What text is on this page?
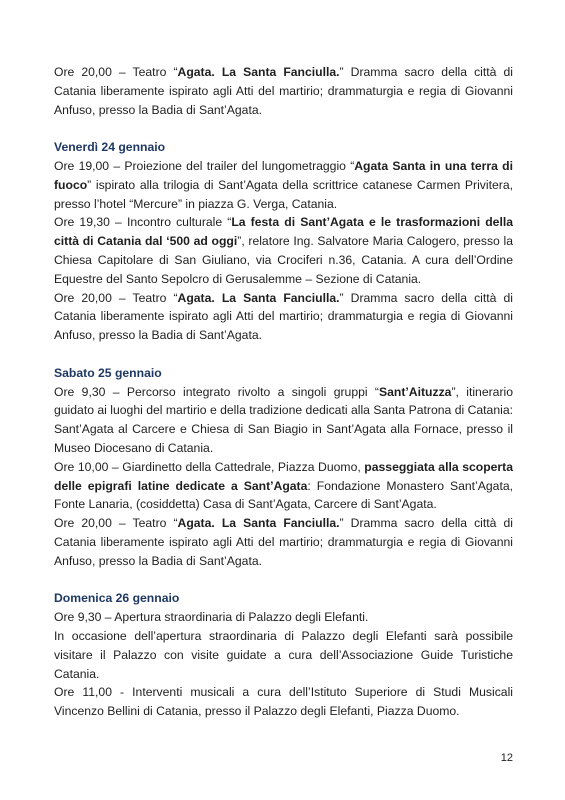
Ore 20,00 – Teatro “Agata. La Santa Fanciulla.” Dramma sacro della città di Catania liberamente ispirato agli Atti del martirio; drammaturgia e regia di Giovanni Anfuso, presso la Badia di Sant’Agata.

Venerdì 24 gennaio

Ore 19,00 – Proiezione del trailer del lungometraggio “Agata Santa in una terra di fuoco” ispirato alla trilogia di Sant’Agata della scrittrice catanese Carmen Privitera, presso l’hotel “Mercure” in piazza G. Verga, Catania.

Ore 19,30 – Incontro culturale “La festa di Sant’Agata e le trasformazioni della città di Catania dal ‘500 ad oggi”, relatore Ing. Salvatore Maria Calogero, presso la Chiesa Capitolare di San Giuliano, via Crociferi n.36, Catania. A cura dell’Ordine Equestre del Santo Sepolcro di Gerusalemme – Sezione di Catania.

Ore 20,00 – Teatro “Agata. La Santa Fanciulla.” Dramma sacro della città di Catania liberamente ispirato agli Atti del martirio; drammaturgia e regia di Giovanni Anfuso, presso la Badia di Sant’Agata.

Sabato 25 gennaio

Ore 9,30 – Percorso integrato rivolto a singoli gruppi “Sant’Aituzza”, itinerario guidato ai luoghi del martirio e della tradizione dedicati alla Santa Patrona di Catania: Sant’Agata al Carcere e Chiesa di San Biagio in Sant’Agata alla Fornace, presso il Museo Diocesano di Catania.

Ore 10,00 – Giardinetto della Cattedrale, Piazza Duomo, passeggiata alla scoperta delle epigrafi latine dedicate a Sant’Agata: Fondazione Monastero Sant’Agata, Fonte Lanaria, (cosiddetta) Casa di Sant’Agata, Carcere di Sant’Agata.

Ore 20,00 – Teatro “Agata. La Santa Fanciulla.” Dramma sacro della città di Catania liberamente ispirato agli Atti del martirio; drammaturgia e regia di Giovanni Anfuso, presso la Badia di Sant’Agata.

Domenica 26 gennaio

Ore 9,30 – Apertura straordinaria di Palazzo degli Elefanti.

In occasione dell’apertura straordinaria di Palazzo degli Elefanti sarà possibile visitare il Palazzo con visite guidate a cura dell’Associazione Guide Turistiche Catania.

Ore 11,00 - Interventi musicali a cura dell’Istituto Superiore di Studi Musicali Vincenzo Bellini di Catania, presso il Palazzo degli Elefanti, Piazza Duomo.

12
